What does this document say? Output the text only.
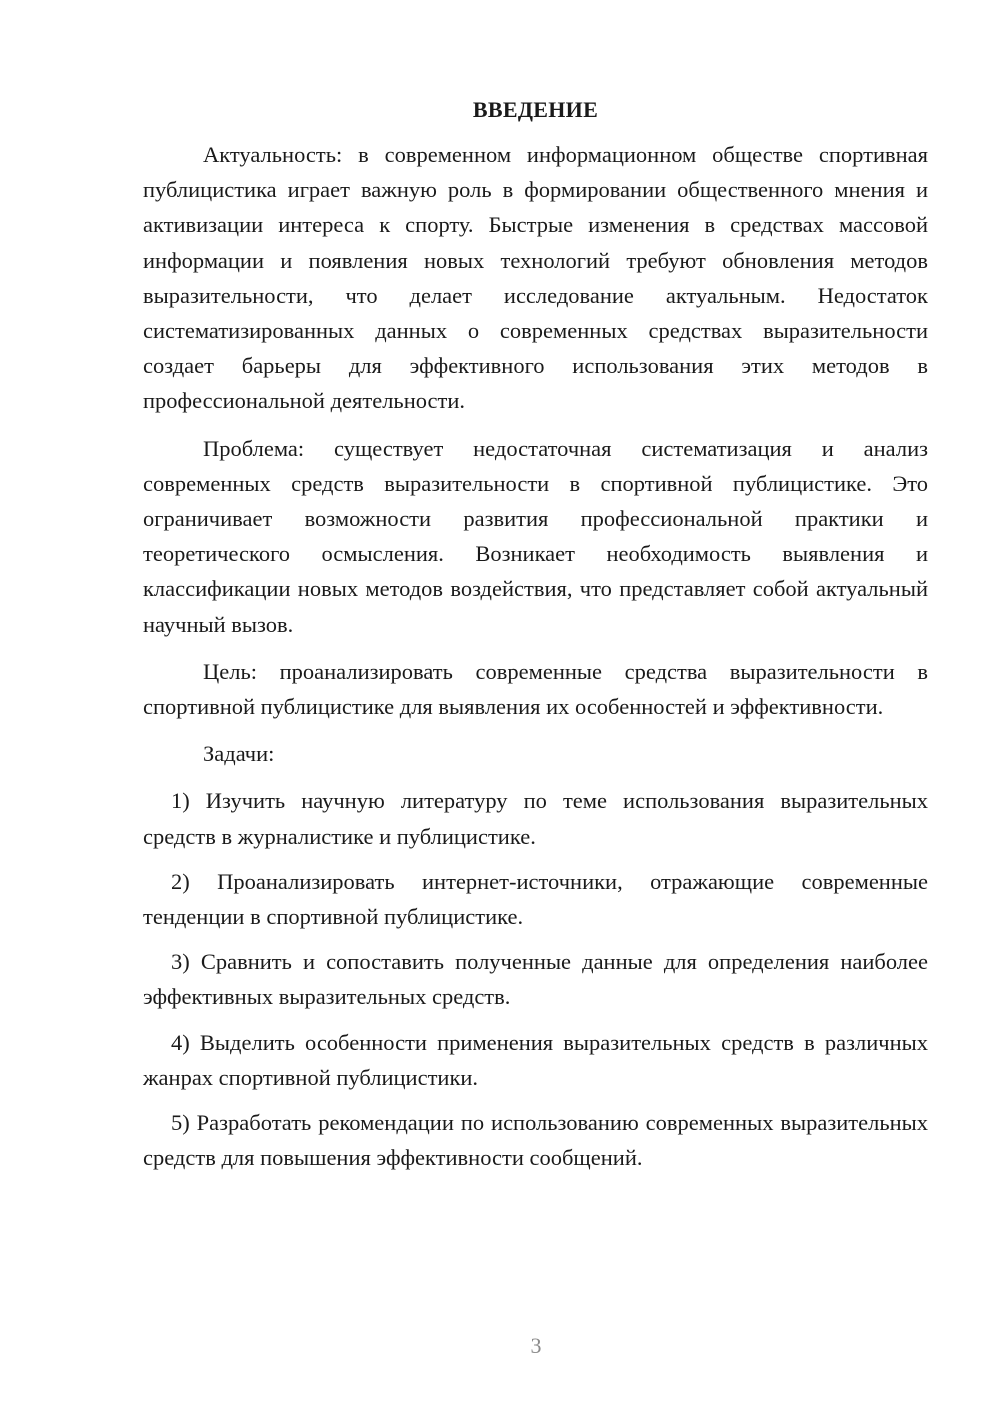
ВВЕДЕНИЕ

Актуальность: в современном информационном обществе спортивная публицистика играет важную роль в формировании общественного мнения и активизации интереса к спорту. Быстрые изменения в средствах массовой информации и появления новых технологий требуют обновления методов выразительности, что делает исследование актуальным. Недостаток систематизированных данных о современных средствах выразительности создает барьеры для эффективного использования этих методов в профессиональной деятельности.

Проблема: существует недостаточная систематизация и анализ современных средств выразительности в спортивной публицистике. Это ограничивает возможности развития профессиональной практики и теоретического осмысления. Возникает необходимость выявления и классификации новых методов воздействия, что представляет собой актуальный научный вызов.

Цель: проанализировать современные средства выразительности в спортивной публицистике для выявления их особенностей и эффективности.

Задачи:

1) Изучить научную литературу по теме использования выразительных средств в журналистике и публицистике.

2) Проанализировать интернет-источники, отражающие современные тенденции в спортивной публицистике.

3) Сравнить и сопоставить полученные данные для определения наиболее эффективных выразительных средств.

4) Выделить особенности применения выразительных средств в различных жанрах спортивной публицистики.

5) Разработать рекомендации по использованию современных выразительных средств для повышения эффективности сообщений.

3
